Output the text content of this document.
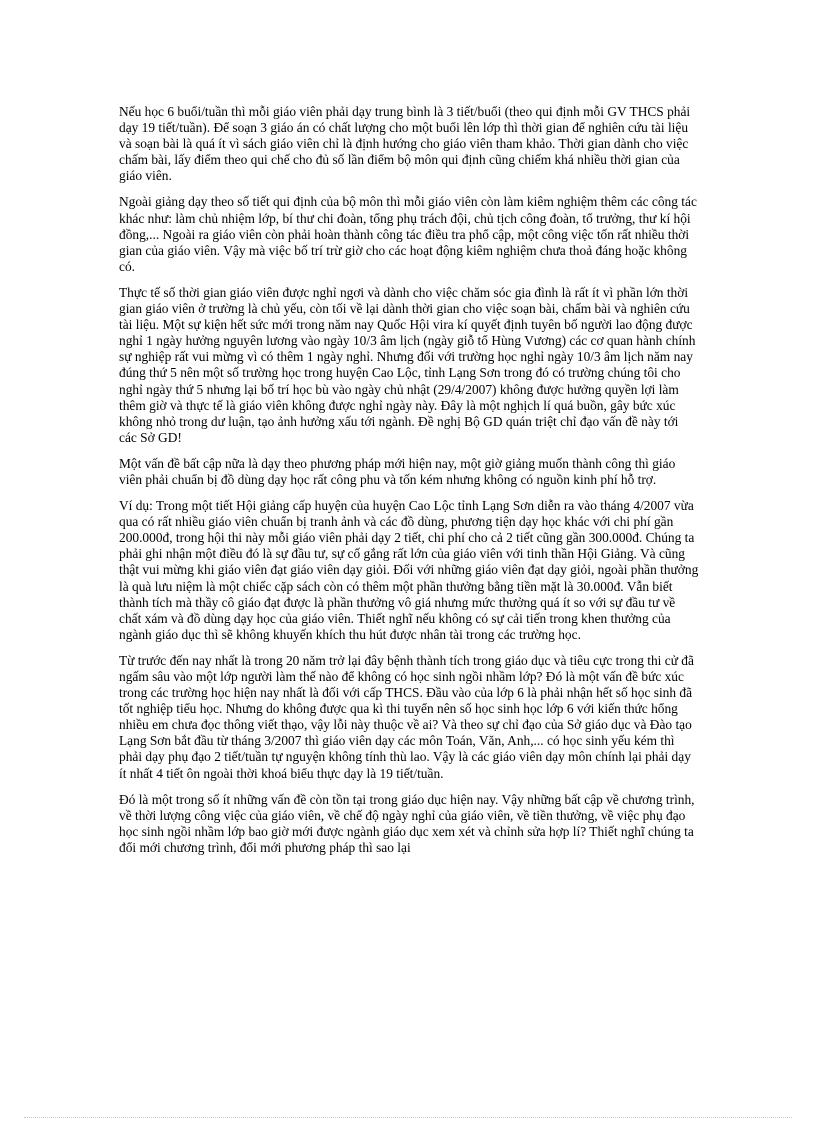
Nếu học 6 buổi/tuần thì mỗi giáo viên phải dạy trung bình là 3 tiết/buổi (theo qui định mỗi GV THCS phải dạy 19 tiết/tuần). Để soạn 3 giáo án có chất lượng cho một buổi lên lớp thì thời gian để nghiên cứu tài liệu và soạn bài là quá ít vì sách giáo viên chỉ là định hướng cho giáo viên tham khảo. Thời gian dành cho việc chấm bài, lấy điểm theo qui chế cho đủ số lần điểm bộ môn qui định cũng chiếm khá nhiều thời gian của giáo viên.

Ngoài giảng dạy theo số tiết qui định của bộ môn thì mỗi giáo viên còn làm kiêm nghiệm thêm các công tác khác như: làm chủ nhiệm lớp, bí thư chi đoàn, tổng phụ trách đội, chủ tịch công đoàn, tổ trưởng, thư kí hội đồng,... Ngoài ra giáo viên còn phải hoàn thành công tác điều tra phổ cập, một công việc tốn rất nhiều thời gian của giáo viên. Vậy mà việc bố trí trừ giờ cho các hoạt động kiêm nghiệm chưa thoả đáng hoặc không có.

Thực tế số thời gian giáo viên được nghỉ ngơi và dành cho việc chăm sóc gia đình là rất ít vì phần lớn thời gian giáo viên ở trường là chủ yếu, còn tối về lại dành thời gian cho việc soạn bài, chấm bài và nghiên cứu tài liệu. Một sự kiện hết sức mới trong năm nay Quốc Hội vira kí quyết định tuyên bố người lao động được nghỉ 1 ngày hưởng nguyên lương vào ngày 10/3 âm lịch (ngày giỗ tổ Hùng Vương) các cơ quan hành chính sự nghiệp rất vui mừng vì có thêm 1 ngày nghỉ. Nhưng đối với trường học nghỉ ngày 10/3 âm lịch năm nay đúng thứ 5 nên một số trường học trong huyện Cao Lộc, tỉnh Lạng Sơn trong đó có trường chúng tôi cho nghỉ ngày thứ 5 nhưng lại bố trí học bù vào ngày chủ nhật (29/4/2007) không được hưởng quyền lợi làm thêm giờ và thực tế là giáo viên không được nghỉ ngày này. Đây là một nghịch lí quá buồn, gây bức xúc không nhỏ trong dư luận, tạo ảnh hưởng xấu tới ngành. Đề nghị Bộ GD quán triệt chỉ đạo vấn đề này tới các Sở GD!

Một vấn đề bất cập nữa là dạy theo phương pháp mới hiện nay, một giờ giảng muốn thành công thì giáo viên phải chuẩn bị đồ dùng dạy học rất công phu và tốn kém nhưng không có nguồn kinh phí hỗ trợ.

Ví dụ: Trong một tiết Hội giảng cấp huyện của huyện Cao Lộc tỉnh Lạng Sơn diễn ra vào tháng 4/2007 vừa qua có rất nhiều giáo viên chuẩn bị tranh ảnh và các đồ dùng, phương tiện dạy học khác với chi phí gần 200.000đ, trong hội thi này mỗi giáo viên phải dạy 2 tiết, chi phí cho cả 2 tiết cũng gần 300.000đ. Chúng ta phải ghi nhận một điều đó là sự đầu tư, sự cố gắng rất lớn của giáo viên với tinh thần Hội Giảng. Và cũng thật vui mừng khi giáo viên đạt giáo viên dạy giỏi. Đối với những giáo viên đạt dạy giỏi, ngoài phần thưởng là quà lưu niệm là một chiếc cặp sách còn có thêm một phần thưởng bằng tiền mặt là 30.000đ. Vẫn biết thành tích mà thầy cô giáo đạt được là phần thưởng vô giá nhưng mức thưởng quá ít so với sự đầu tư về chất xám và đồ dùng dạy học của giáo viên. Thiết nghĩ nếu không có sự cải tiến trong khen thưởng của ngành giáo dục thì sẽ không khuyến khích thu hút được nhân tài trong các trường học.

Từ trước đến nay nhất là trong 20 năm trở lại đây bệnh thành tích trong giáo dục và tiêu cực trong thi cử đã ngấm sâu vào một lớp người làm thế nào để không có học sinh ngồi nhầm lớp? Đó là một vấn đề bức xúc trong các trường học hiện nay nhất là đối với cấp THCS. Đầu vào của lớp 6 là phải nhận hết số học sinh đã tốt nghiệp tiểu học. Nhưng do không được qua kì thi tuyển nên số học sinh học lớp 6 với kiến thức hổng nhiều em chưa đọc thông viết thạo, vậy lỗi này thuộc về ai? Và theo sự chỉ đạo của Sở giáo dục và Đào tạo Lạng Sơn bắt đầu từ tháng 3/2007 thì giáo viên dạy các môn Toán, Văn, Anh,... có học sinh yếu kém thì phải dạy phụ đạo 2 tiết/tuần tự nguyện không tính thù lao. Vậy là các giáo viên dạy môn chính lại phải dạy ít nhất 4 tiết ôn ngoài thời khoá biểu thực dạy là 19 tiết/tuần.

Đó là một trong số ít những vấn đề còn tồn tại trong giáo dục hiện nay. Vậy những bất cập về chương trình, về thời lượng công việc của giáo viên, về chế độ ngày nghỉ của giáo viên, về tiền thưởng, về việc phụ đạo học sinh ngồi nhầm lớp bao giờ mới được ngành giáo dục xem xét và chỉnh sửa hợp lí? Thiết nghĩ chúng ta đổi mới chương trình, đổi mới phương pháp thì sao lại
